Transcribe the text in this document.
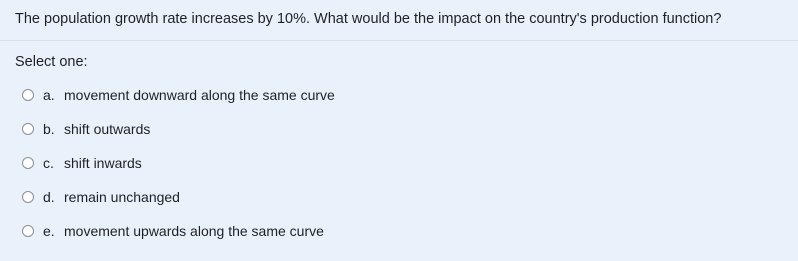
The population growth rate increases by 10%. What would be the impact on the country's production function?
Select one:
a. movement downward along the same curve
b. shift outwards
c. shift inwards
d. remain unchanged
e. movement upwards along the same curve
